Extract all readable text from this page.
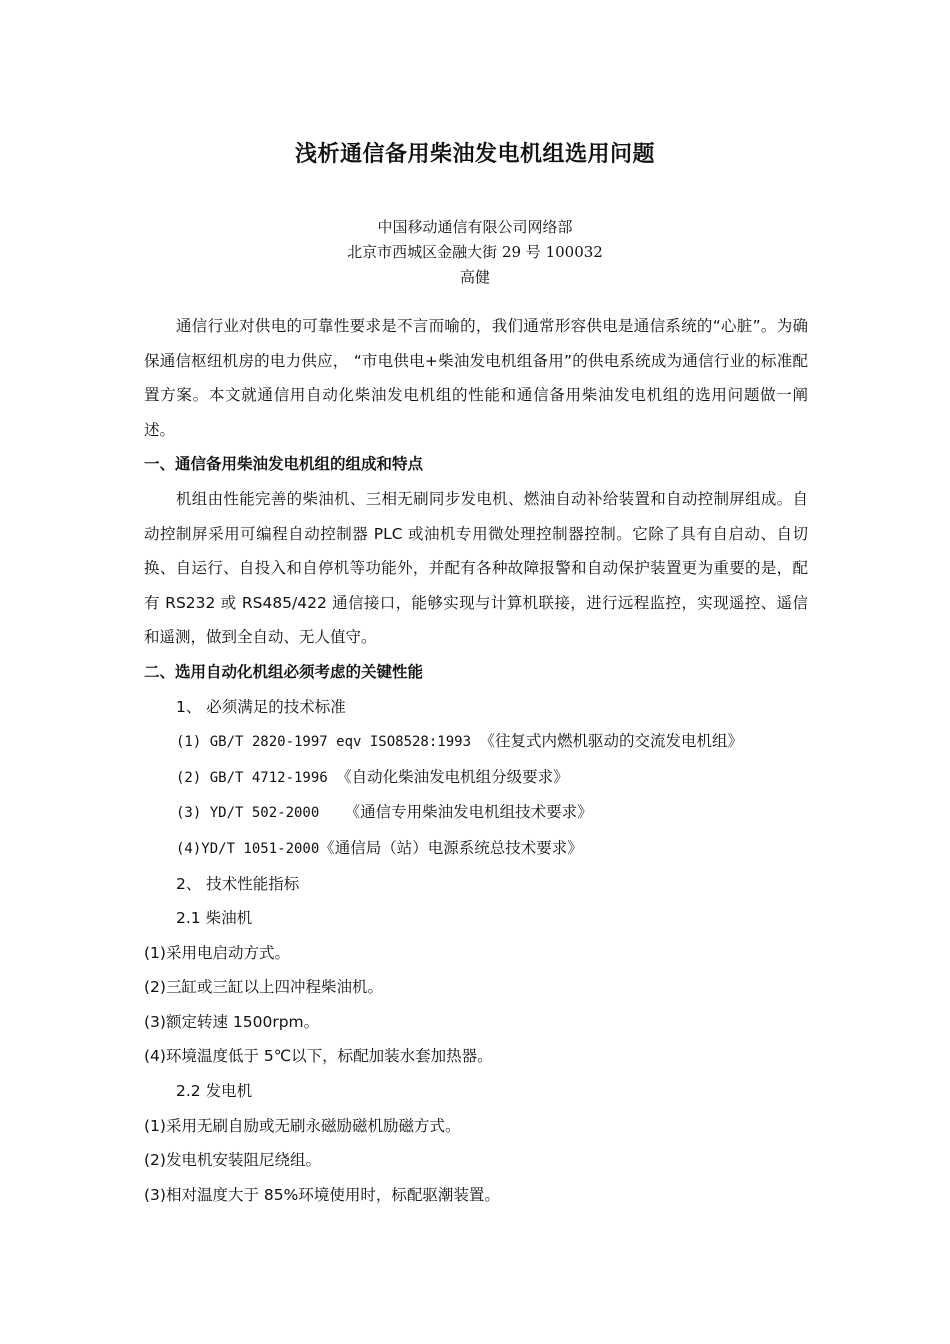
浅析通信备用柴油发电机组选用问题
中国移动通信有限公司网络部
北京市西城区金融大街 29 号 100032
高健

通信行业对供电的可靠性要求是不言而喻的，我们通常形容供电是通信系统的“心脏”。为确保通信枢纽机房的电力供应， “市电供电+柴油发电机组备用”的供电系统成为通信行业的标准配置方案。本文就通信用自动化柴油发电机组的性能和通信备用柴油发电机组的选用问题做一阐述。

一、通信备用柴油发电机组的组成和特点

机组由性能完善的柴油机、三相无刷同步发电机、燃油自动补给装置和自动控制屏组成。自动控制屏采用可编程自动控制器 PLC 或油机专用微处理控制器控制。它除了具有自启动、自切换、自运行、自投入和自停机等功能外，并配有各种故障报警和自动保护装置更为重要的是，配有 RS232 或 RS485/422 通信接口，能够实现与计算机联接，进行远程监控，实现遥控、遥信和遥测，做到全自动、无人值守。

二、选用自动化机组必须考虑的关键性能

1、 必须满足的技术标准

(1) GB/T 2820-1997 eqv ISO8528:1993 《往复式内燃机驱动的交流发电机组》

(2) GB/T 4712-1996 《自动化柴油发电机组分级要求》

(3) YD/T 502-2000   《通信专用柴油发电机组技术要求》

(4)YD/T 1051-2000《通信局（站）电源系统总技术要求》

2、 技术性能指标

2.1 柴油机

(1)采用电启动方式。

(2)三缸或三缸以上四冲程柴油机。

(3)额定转速 1500rpm。

(4)环境温度低于 5℃以下，标配加装水套加热器。

2.2 发电机

(1)采用无刷自励或无刷永磁励磁机励磁方式。

(2)发电机安装阻尼绕组。

(3)相对温度大于 85%环境使用时，标配驱潮装置。
